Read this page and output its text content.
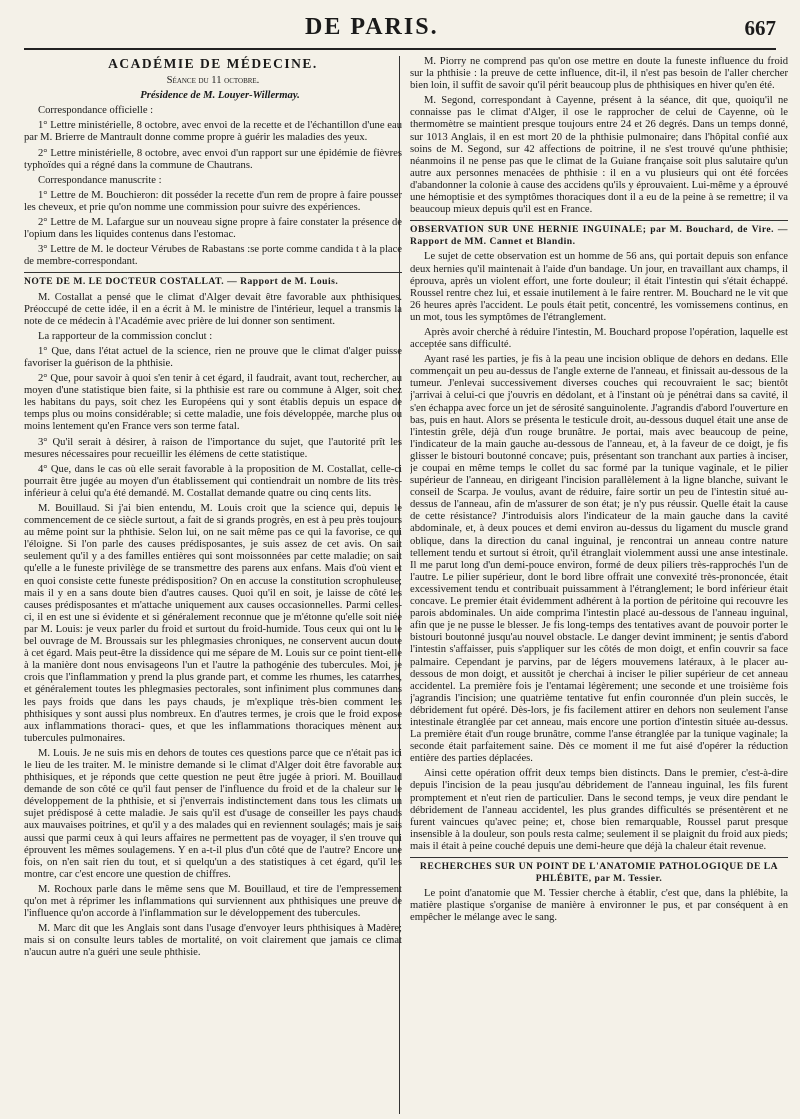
DE PARIS.	667
ACADÉMIE DE MÉDECINE.

Séance du 11 octobre.

Présidence de M. Louyer-Willermay.

Correspondance officielle :

1° Lettre ministérielle, 8 octobre, avec envoi de la recette et de l'échantillon d'une eau par M. Brierre de Mantrault donne comme propre à guérir les maladies des yeux.

2° Lettre ministérielle, 8 octobre, avec envoi d'un rapport sur une épidémie de fièvres typhoïdes qui a régné dans la commune de Chautrans.

Correspondance manuscrite :

1° Lettre de M. Bouchieron: dit posséder la recette d'un rem de propre à faire pousser les cheveux, et prie qu'on nomme une commission pour suivre des expériences.

2° Lettre de M. Lafargue sur un nouveau signe propre à faire constater la présence de l'opium dans les liquides contenus dans l'estomac.

3° Lettre de M. le docteur Vérubes de Rabastans :se porte comme candida t à la place de membre-correspondant.

NOTE DE M. LE DOCTEUR COSTALLAT. — Rapport de M. Louis.

M. Costallat a pensé que le climat d'Alger devait être favorable aux phthisiques. Préoccupé de cette idée, il en a écrit à M. le ministre de l'intérieur, lequel a transmis la note de ce médecin à l'Académie avec prière de lui donner son sentiment.

La rapporteur de la commission conclut :

1° Que, dans l'état actuel de la science, rien ne prouve que le climat d'alger puisse favoriser la guérison de la phthisie.

2° Que, pour savoir à quoi s'en tenir à cet égard, il faudrait, avant tout, rechercher, au moyen d'une statistique bien faite, si la phthisie est rare ou commune à Alger, soit chez les habitans du pays, soit chez les Européens qui y sont établis depuis un espace de temps plus ou moins considérable; si cette maladie, une fois développée, marche plus ou moins lentement qu'en France vers son terme fatal.

3° Qu'il serait à désirer, à raison de l'importance du sujet, que l'autorité prît les mesures nécessaires pour recueillir les élémens de cette statistique.

4° Que, dans le cas où elle serait favorable à la proposition de M. Costallat, celle-ci pourrait être jugée au moyen d'un établissement qui contiendrait un nombre de lits très-inférieur à celui qu'a été demandé. M. Costallat demande quatre ou cinq cents lits.

M. Bouillaud. Si j'ai bien entendu, M. Louis croit que la science qui, depuis le commencement de ce siècle surtout, a fait de si grands progrès, en est à peu près toujours au même point sur la phthisie. Selon lui, on ne sait même pas ce qui la favorise, ce qui l'éloigne. Si l'on parle des causes prédisposantes, je suis assez de cet avis. On sait seulement qu'il y a des familles entières qui sont moissonnées par cette maladie; on sait qu'elle a le funeste privilège de se transmettre des parens aux enfans. Mais d'où vient et en quoi consiste cette funeste prédisposition? On en accuse la constitution scrophuleuse; mais il y en a sans doute bien d'autres causes. Quoi qu'il en soit, je laisse de côté les causes prédisposantes et m'attache uniquement aux causes occasionnelles. Parmi celles-ci, il en est une si évidente et si généralement reconnue que je m'étonne qu'elle soit niée par M. Louis: je veux parler du froid et surtout du froid-humide. Tous ceux qui ont lu le bel ouvrage de M. Broussais sur les phlegmasies chroniques, ne conservent aucun doute à cet égard. Mais peut-être la dissidence qui me sépare de M. Louis sur ce point tient-elle à la manière dont nous envisageons l'un et l'autre la pathogénie des tubercules. Moi, je crois que l'inflammation y prend la plus grande part, et comme les rhumes, les catarrhes, et généralement toutes les phlegmasies pectorales, sont infiniment plus communes dans les pays froids que dans les pays chauds, je m'explique très-bien comment les phthisiques y sont aussi plus nombreux. En d'autres termes, je crois que le froid expose aux inflammations thoraci- ques, et que les inflammations thoraciques mènent aux tubercules pulmonaires.

M. Louis. Je ne suis mis en dehors de toutes ces questions parce que ce n'était pas ici le lieu de les traiter. M. le ministre demande si le climat d'Alger doit être favorable aux phthisiques, et je réponds que cette question ne peut être jugée à priori. M. Bouillaud demande de son côté ce qu'il faut penser de l'influence du froid et de la chaleur sur le développement de la phthisie, et si j'enverrais indistinctement dans tous les climats un sujet prédisposé à cette maladie. Je sais qu'il est d'usage de conseiller les pays chauds aux mauvaises poitrines, et qu'il y a des malades qui en reviennent soulagés; mais je sais aussi que parmi ceux à qui leurs affaires ne permettent pas de voyager, il s'en trouve qui éprouvent les mêmes soulagemens. Y en a-t-il plus d'un côté que de l'autre? Encore une fois, on n'en sait rien du tout, et si quelqu'un a des statistiques à cet égard, qu'il les montre, car c'est encore une question de chiffres.

M. Rochoux parle dans le même sens que M. Bouillaud, et tire de l'empressement qu'on met à réprimer les inflammations qui surviennent aux phthisiques une preuve de l'influence qu'on accorde à l'inflammation sur le développement des tubercules.

M. Marc dit que les Anglais sont dans l'usage d'envoyer leurs phthisiques à Madère; mais si on consulte leurs tables de mortalité, on voit clairement que jamais ce climat n'aucun autre n'a guéri une seule phthisie.

M. Piorry ne comprend pas qu'on ose mettre en doute la funeste influence du froid sur la phthisie : la preuve de cette influence, dit-il, il n'est pas besoin de l'aller chercher bien loin, il suffit de savoir qu'il périt beaucoup plus de phthisiques en hiver qu'en été.

M. Segond, correspondant à Cayenne, présent à la séance, dit que, quoiqu'il ne connaisse pas le climat d'Alger, il ose le rapprocher de celui de Cayenne, où le thermomètre se maintient presque toujours entre 24 et 26 degrés. Dans un temps donné, sur 1013 Anglais, il en est mort 20 de la phthisie pulmonaire; dans l'hôpital confié aux soins de M. Segond, sur 42 affections de poitrine, il ne s'est trouvé qu'une phthisie; néanmoins il ne pense pas que le climat de la Guiane française soit plus salutaire qu'un autre aux personnes menacées de phthisie : il en a vu plusieurs qui ont été forcées d'abandonner la colonie à cause des accidens qu'ils y éprouvaient. Lui-même y a éprouvé une hémoptisie et des symptômes thoraciques dont il a eu de la peine à se remettre; il va beaucoup mieux depuis qu'il est en France.

OBSERVATION SUR UNE HERNIE INGUINALE; par M. Bouchard, de Vire. — Rapport de MM. Cannet et Blandin.

Le sujet de cette observation est un homme de 56 ans, qui portait depuis son enfance deux hernies qu'il maintenait à l'aide d'un bandage. Un jour, en travaillant aux champs, il éprouva, après un violent effort, une forte douleur; il était l'intestin qui s'était échappé. Roussel rentre chez lui, et essaie inutilement à le faire rentrer. M. Bouchard ne le vit que 26 heures après l'accident. Le pouls était petit, concentré, les vomissemens continus, en un mot, tous les symptômes de l'étranglement.

Après avoir cherché à réduire l'intestin, M. Bouchard propose l'opération, laquelle est acceptée sans difficulté.

Ayant rasé les parties, je fis à la peau une incision oblique de dehors en dedans. Elle commençait un peu au-dessus de l'angle externe de l'anneau, et finissait au-dessous de la tumeur. J'enlevai successivement diverses couches qui recouvraient le sac; bientôt j'arrivai à celui-ci que j'ouvris en dédolant, et à l'instant où je pénétrai dans sa cavité, il s'en échappa avec force un jet de sérosité sanguinolente. J'agrandis d'abord l'ouverture en bas, puis en haut. Alors se présenta le testicule droit, au-dessous duquel était une anse de l'intestin grêle, déjà d'un rouge brunâtre. Je portai, mais avec beaucoup de peine, l'indicateur de la main gauche au-dessous de l'anneau, et, à la faveur de ce doigt, je fis glisser le bistouri boutonné concave; puis, présentant son tranchant aux parties à inciser, je coupai en même temps le collet du sac formé par la tunique vaginale, et le pilier supérieur de l'anneau, en dirigeant l'incision parallèlement à la ligne blanche, suivant le conseil de Scarpa. Je voulus, avant de réduire, faire sortir un peu de l'intestin situé au-dessus de l'anneau, afin de m'assurer de son état; je n'y pus réussir. Quelle était la cause de cette résistance? J'introduisis alors l'indicateur de la main gauche dans la cavité abdominale, et, à deux pouces et demi environ au-dessus du ligament du muscle grand oblique, dans la direction du canal inguinal, je rencontrai un anneau contre nature tellement tendu et surtout si étroit, qu'il étranglait violemment aussi une anse intestinale. Il me parut long d'un demi-pouce environ, formé de deux piliers très-rapprochés l'un de l'autre. Le pilier supérieur, dont le bord libre offrait une convexité très-prononcée, était excessivement tendu et contribuait puissamment à l'étranglement; le bord inférieur était concave. Le premier était évidemment adhérent à la portion de péritoine qui recouvre les parois abdominales. Un aide comprima l'intestin placé au-dessous de l'anneau inguinal, afin que je ne pusse le blesser. Je fis long-temps des tentatives avant de pouvoir porter le bistouri boutonné jusqu'au nouvel obstacle. Le danger devint imminent; je sentis d'abord l'intestin s'affaisser, puis s'appliquer sur les côtés de mon doigt, et enfin couvrir sa face palmaire. Cependant je parvins, par de légers mouvemens latéraux, à le placer au-dessous de mon doigt, et aussitôt je cherchai à inciser le pilier supérieur de cet anneau accidentel. La première fois je l'entamai légèrement; une seconde et une troisième fois j'agrandis l'incision; une quatrième tentative fut enfin couronnée d'un plein succès, le débridement fut opéré. Dès-lors, je fis facilement attirer en dehors non seulement l'anse intestinale étranglée par cet anneau, mais encore une portion d'intestin située au-dessus. La première était d'un rouge brunâtre, comme l'anse étranglée par la tunique vaginale; la seconde était parfaitement saine. Dès ce moment il me fut aisé d'opérer la réduction entière des parties déplacées.

Ainsi cette opération offrit deux temps bien distincts. Dans le premier, c'est-à-dire depuis l'incision de la peau jusqu'au débridement de l'anneau inguinal, les fils furent promptement et n'eut rien de particulier. Dans le second temps, je veux dire pendant le débridement de l'anneau accidentel, les plus grandes difficultés se présentèrent et ne furent vaincues qu'avec peine; et, chose bien remarquable, Roussel parut presque insensible à la douleur, son pouls resta calme; seulement il se plaignit du froid aux pieds; mais il était à peine couché depuis une demi-heure que déjà la chaleur était revenue.

RECHERCHES SUR UN POINT DE L'ANATOMIE PATHOLOGIQUE DE LA PHLÉBITE, par M. Tessier.

Le point d'anatomie que M. Tessier cherche à établir, c'est que, dans la phlébite, la matière plastique s'organise de manière à environner le pus, et par conséquent à en empêcher le mélange avec le sang.
